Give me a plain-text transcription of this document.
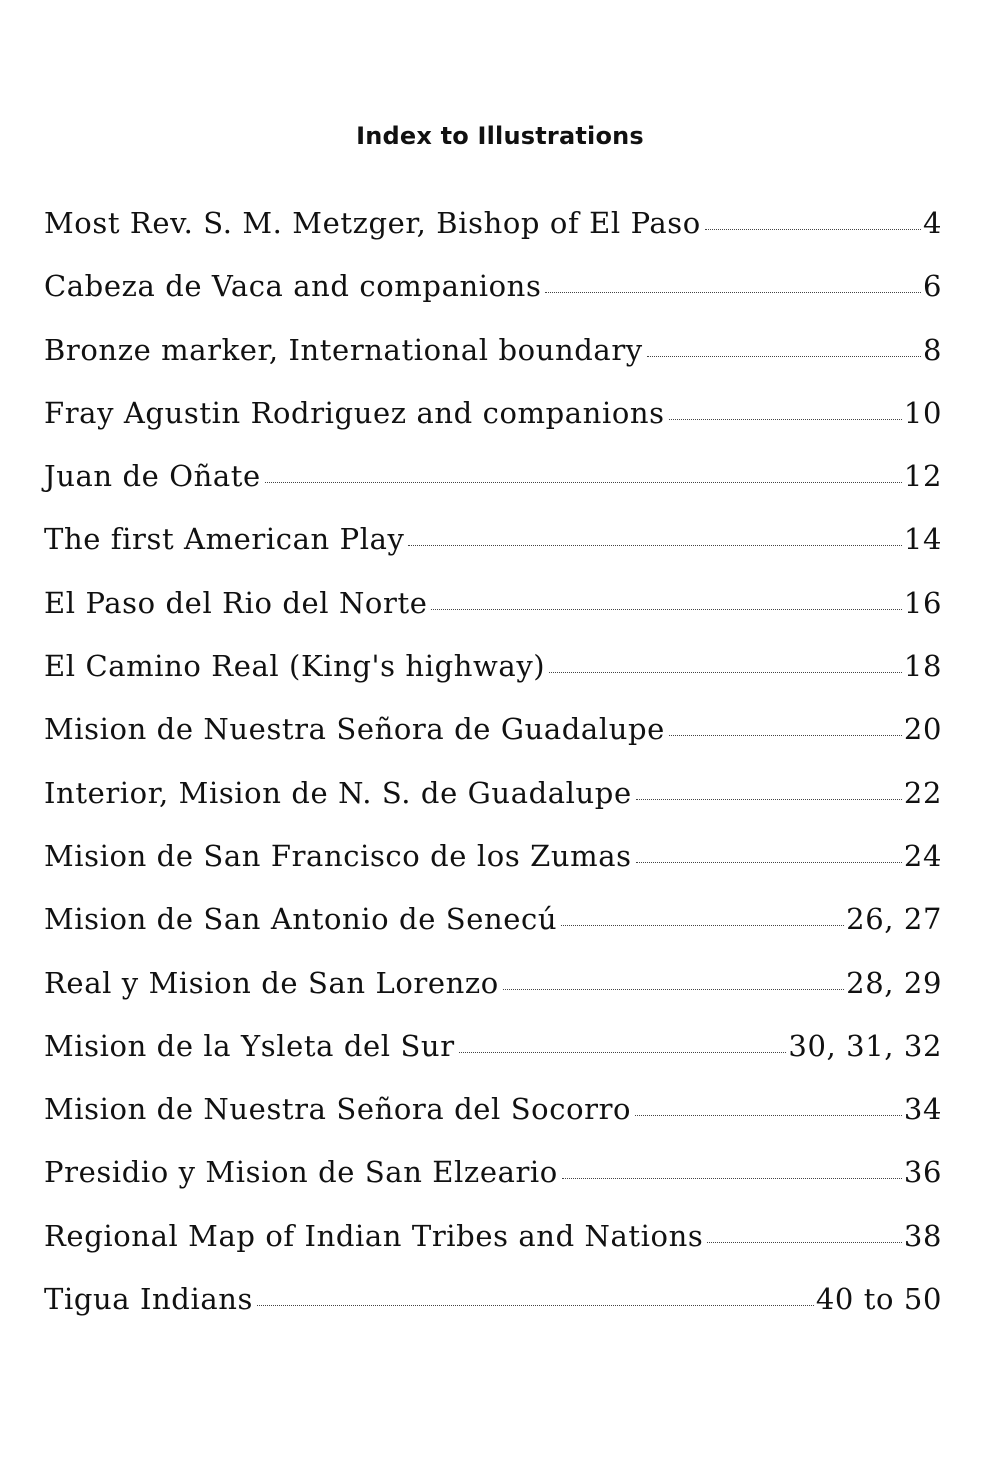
Index to Illustrations
Most Rev. S. M. Metzger, Bishop of El Paso	4
Cabeza de Vaca and companions	6
Bronze marker, International boundary	8
Fray Agustin Rodriguez and companions	10
Juan de Oñate	12
The first American Play	14
El Paso del Rio del Norte	16
El Camino Real (King's highway)	18
Mision de Nuestra Señora de Guadalupe	20
Interior, Mision de N. S. de Guadalupe	22
Mision de San Francisco de los Zumas	24
Mision de San Antonio de Senecú	26, 27
Real y Mision de San Lorenzo	28, 29
Mision de la Ysleta del Sur	30, 31, 32
Mision de Nuestra Señora del Socorro	34
Presidio y Mision de San Elzeario	36
Regional Map of Indian Tribes and Nations	38
Tigua Indians	40 to 50
